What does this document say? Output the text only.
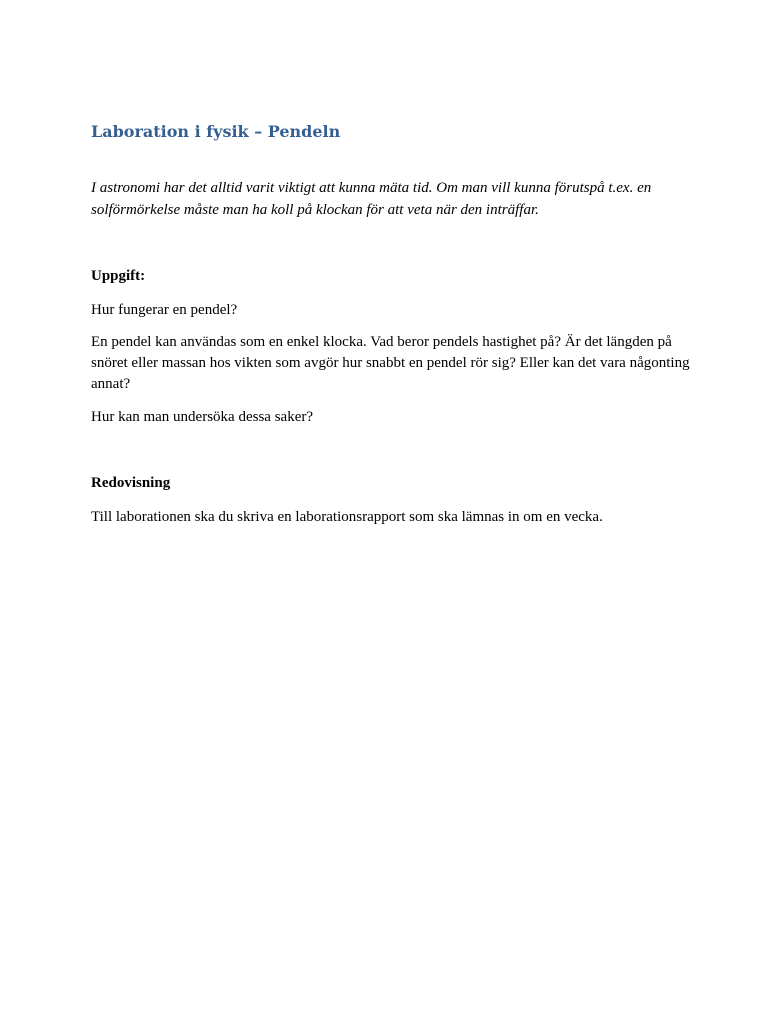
Laboration i fysik – Pendeln

I astronomi har det alltid varit viktigt att kunna mäta tid. Om man vill kunna förutspå t.ex. en solförmörkelse måste man ha koll på klockan för att veta när den inträffar.

Uppgift:

Hur fungerar en pendel?

En pendel kan användas som en enkel klocka. Vad beror pendels hastighet på? Är det längden på snöret eller massan hos vikten som avgör hur snabbt en pendel rör sig? Eller kan det vara någonting annat?

Hur kan man undersöka dessa saker?

Redovisning

Till laborationen ska du skriva en laborationsrapport som ska lämnas in om en vecka.
